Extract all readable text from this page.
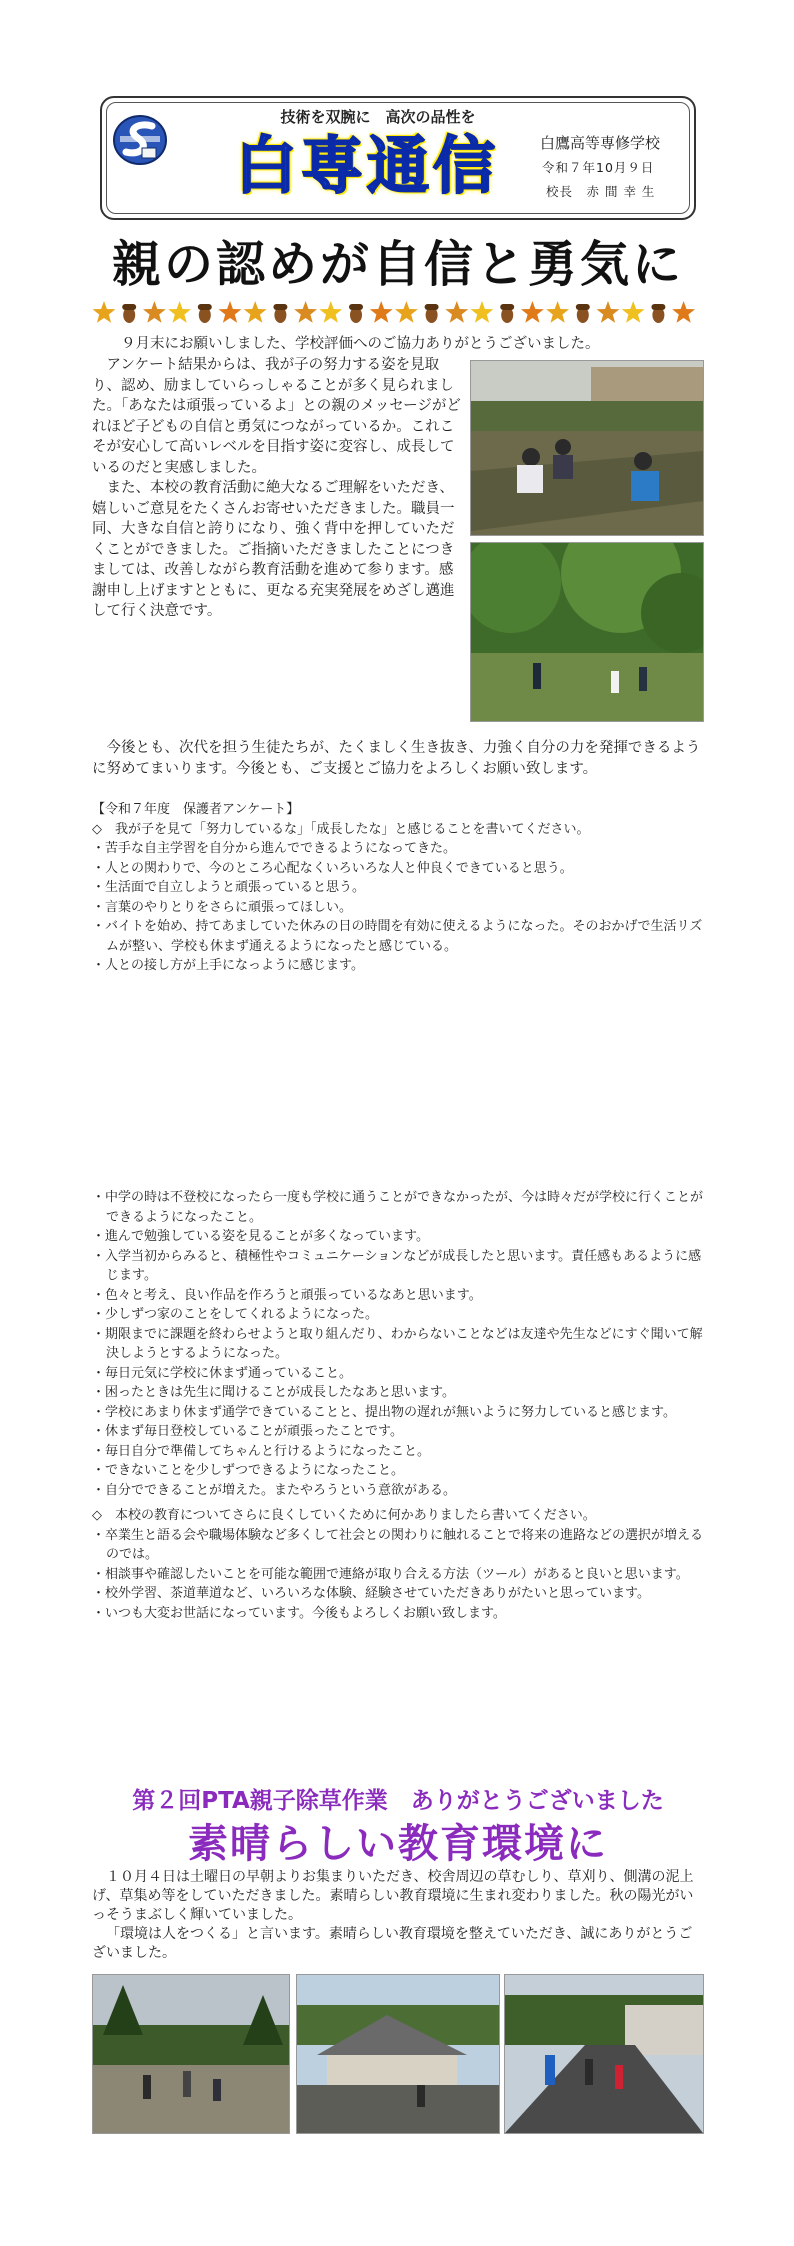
技術を双腕に　高次の品性を
白専通信	白鷹高等専修学校
令和７年10月９日
校長　赤 間 幸 生
親の認めが自信と勇気に
９月末にお願いしました、学校評価へのご協力ありがとうございました。
アンケート結果からは、我が子の努力する姿を見取り、認め、励ましていらっしゃることが多く見られました。「あなたは頑張っているよ」との親のメッセージがどれほど子どもの自信と勇気につながっているか。これこそが安心して高いレベルを目指す姿に変容し、成長しているのだと実感しました。
また、本校の教育活動に絶大なるご理解をいただき、嬉しいご意見をたくさんお寄せいただきました。職員一同、大きな自信と誇りになり、強く背中を押していただくことができました。ご指摘いただきましたことにつきましては、改善しながら教育活動を進めて参ります。感謝申し上げますとともに、更なる充実発展をめざし邁進して行く決意です。
今後とも、次代を担う生徒たちが、たくましく生き抜き、力強く自分の力を発揮できるように努めてまいります。今後とも、ご支援とご協力をよろしくお願い致します。
【令和７年度　保護者アンケート】
◇　我が子を見て「努力しているな」「成長したな」と感じることを書いてください。
・苦手な自主学習を自分から進んでできるようになってきた。
・人との関わりで、今のところ心配なくいろいろな人と仲良くできていると思う。
・生活面で自立しようと頑張っていると思う。
・言葉のやりとりをさらに頑張ってほしい。
・バイトを始め、持てあましていた休みの日の時間を有効に使えるようになった。そのおかげで生活リズムが整い、学校も休まず通えるようになったと感じている。
・人との接し方が上手になっように感じます。
・中学の時は不登校になったら一度も学校に通うことができなかったが、今は時々だが学校に行くことができるようになったこと。
・進んで勉強している姿を見ることが多くなっています。
・入学当初からみると、積極性やコミュニケーションなどが成長したと思います。責任感もあるように感じます。
・色々と考え、良い作品を作ろうと頑張っているなあと思います。
・少しずつ家のことをしてくれるようになった。
・期限までに課題を終わらせようと取り組んだり、わからないことなどは友達や先生などにすぐ聞いて解決しようとするようになった。
・毎日元気に学校に休まず通っていること。
・困ったときは先生に聞けることが成長したなあと思います。
・学校にあまり休まず通学できていることと、提出物の遅れが無いように努力していると感じます。
・休まず毎日登校していることが頑張ったことです。
・毎日自分で準備してちゃんと行けるようになったこと。
・できないことを少しずつできるようになったこと。
・自分でできることが増えた。またやろうという意欲がある。
◇　本校の教育についてさらに良くしていくために何かありましたら書いてください。
・卒業生と語る会や職場体験など多くして社会との関わりに触れることで将来の進路などの選択が増えるのでは。
・相談事や確認したいことを可能な範囲で連絡が取り合える方法（ツール）があると良いと思います。
・校外学習、茶道華道など、いろいろな体験、経験させていただきありがたいと思っています。
・いつも大変お世話になっています。今後もよろしくお願い致します。
第２回PTA親子除草作業　ありがとうございました
素晴らしい教育環境に
１０月４日は土曜日の早朝よりお集まりいただき、校舎周辺の草むしり、草刈り、側溝の泥上げ、草集め等をしていただきました。素晴らしい教育環境に生まれ変わりました。秋の陽光がいっそうまぶしく輝いていました。
「環境は人をつくる」と言います。素晴らしい教育環境を整えていただき、誠にありがとうございました。
